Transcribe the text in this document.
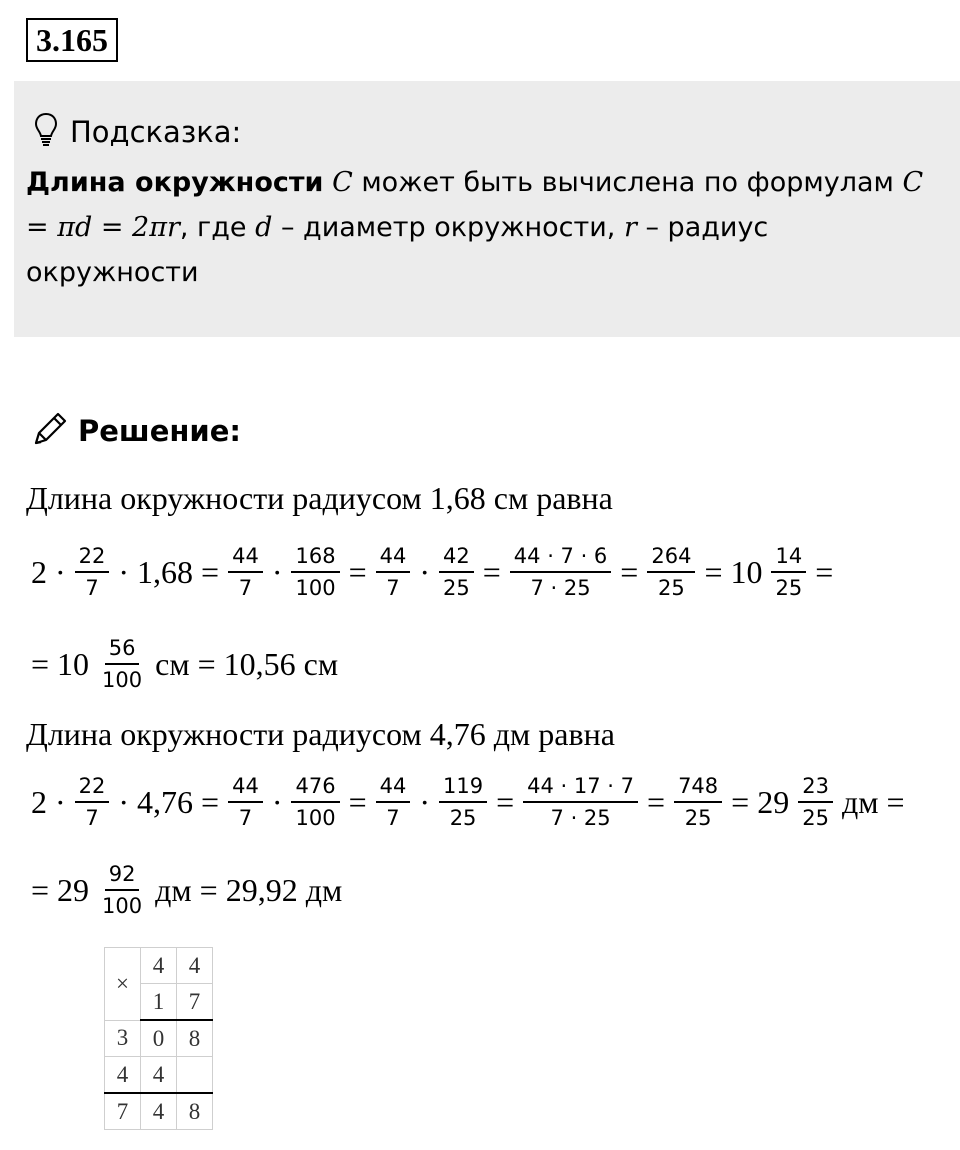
3.165
Подсказка:
Длина окружности C может быть вычислена по формулам C = πd = 2πr, где d – диаметр окружности, r – радиус окружности
Решение:
Длина окружности радиусом 1,68 см равна
$2 \cdot \frac{22}{7} \cdot 1,68 = \frac{44}{7} \cdot \frac{168}{100} = \frac{44}{7} \cdot \frac{42}{25} = \frac{44 \cdot 7 \cdot 6}{7 \cdot 25} = \frac{264}{25} = 10 \frac{14}{25}$ =
= $10 \frac{56}{100}$ см = 10,56 см
Длина окружности радиусом 4,76 дм равна
$2 \cdot \frac{22}{7} \cdot 4,76 = \frac{44}{7} \cdot \frac{476}{100} = \frac{44}{7} \cdot \frac{119}{25} = \frac{44 \cdot 17 \cdot 7}{7 \cdot 25} = \frac{748}{25} = 29 \frac{23}{25}$ дм =
= $29 \frac{92}{100}$ дм = 29,92 дм
×	4	4
	1	7
3	0	8
4	4	
7	4	8
